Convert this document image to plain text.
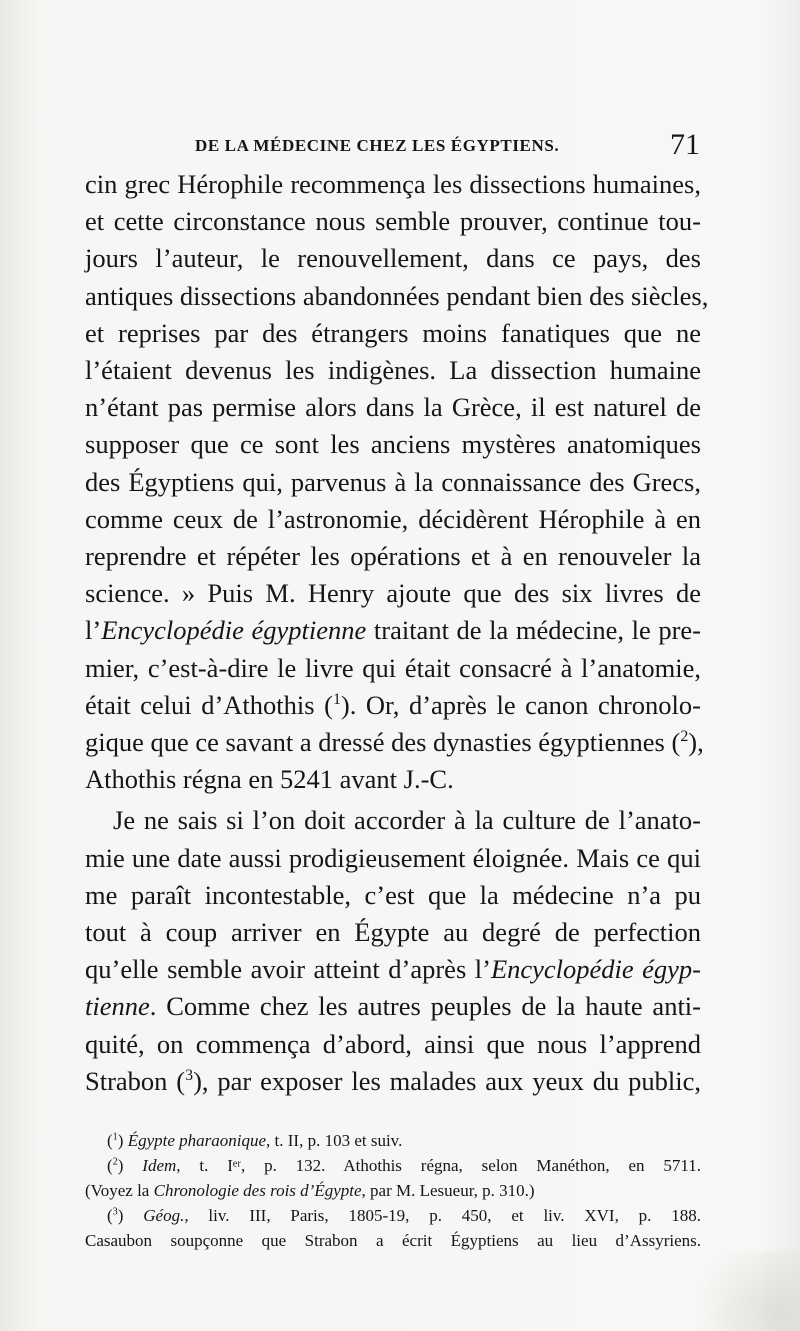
DE LA MÉDECINE CHEZ LES ÉGYPTIENS.	71

cin grec Hérophile recommença les dissections humaines,
et cette circonstance nous semble prouver, continue tou-
jours l’auteur, le renouvellement, dans ce pays, des
antiques dissections abandonnées pendant bien des siècles,
et reprises par des étrangers moins fanatiques que ne
l’étaient devenus les indigènes. La dissection humaine
n’étant pas permise alors dans la Grèce, il est naturel de
supposer que ce sont les anciens mystères anatomiques
des Égyptiens qui, parvenus à la connaissance des Grecs,
comme ceux de l’astronomie, décidèrent Hérophile à en
reprendre et répéter les opérations et à en renouveler la
science. » Puis M. Henry ajoute que des six livres de
l’Encyclopédie égyptienne traitant de la médecine, le pre-
mier, c’est-à-dire le livre qui était consacré à l’anatomie,
était celui d’Athothis ($^1$). Or, d’après le canon chronolo-
gique que ce savant a dressé des dynasties égyptiennes ($^2$),
Athothis régna en 5241 avant J.-C.

Je ne sais si l’on doit accorder à la culture de l’anato-
mie une date aussi prodigieusement éloignée. Mais ce qui
me paraît incontestable, c’est que la médecine n’a pu
tout à coup arriver en Égypte au degré de perfection
qu’elle semble avoir atteint d’après l’Encyclopédie égyp-
tienne. Comme chez les autres peuples de la haute anti-
quité, on commença d’abord, ainsi que nous l’apprend
Strabon ($^3$), par exposer les malades aux yeux du public,

($^1$) Égypte pharaonique, t. II, p. 103 et suiv.
($^2$) Idem, t. Iᵉʳ, p. 132. Athothis régna, selon Manéthon, en 5711.
(Voyez la Chronologie des rois d’Égypte, par M. Lesueur, p. 310.)
($^3$) Géog., liv. III, Paris, 1805-19, p. 450, et liv. XVI, p. 188.
Casaubon soupçonne que Strabon a écrit Égyptiens au lieu d’Assyriens.
